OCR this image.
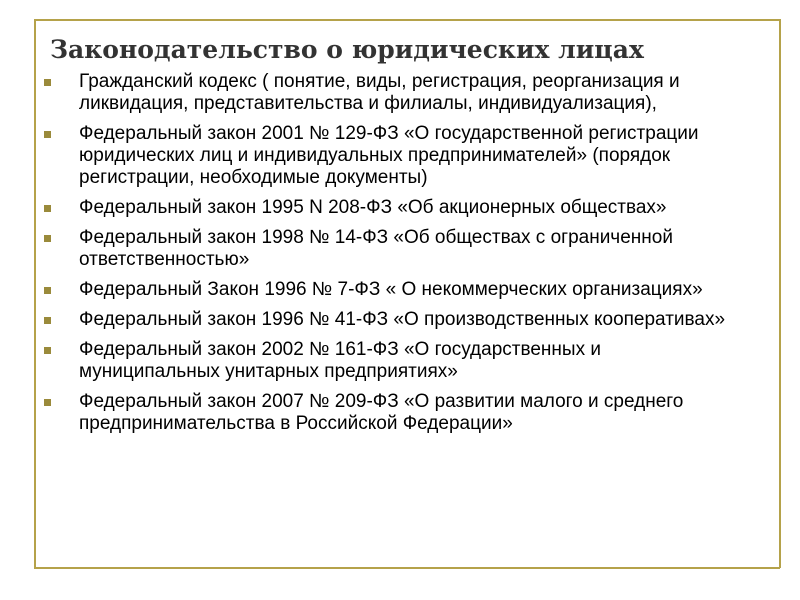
Законодательство о юридических лицах
Гражданский кодекс ( понятие, виды, регистрация, реорганизация и ликвидация, представительства и филиалы, индивидуализация),
Федеральный закон 2001 № 129-ФЗ «О государственной регистрации юридических лиц и индивидуальных предпринимателей» (порядок регистрации, необходимые документы)
Федеральный закон 1995 N 208-ФЗ «Об акционерных обществах»
Федеральный закон 1998 № 14-ФЗ «Об обществах с ограниченной ответственностью»
Федеральный Закон 1996 № 7-ФЗ « О некоммерческих организациях»
Федеральный закон 1996 № 41-ФЗ «О производственных кооперативах»
Федеральный закон 2002 № 161-ФЗ «О государственных и муниципальных унитарных предприятиях»
Федеральный закон 2007 № 209-ФЗ «О развитии малого и среднего предпринимательства в Российской Федерации»
